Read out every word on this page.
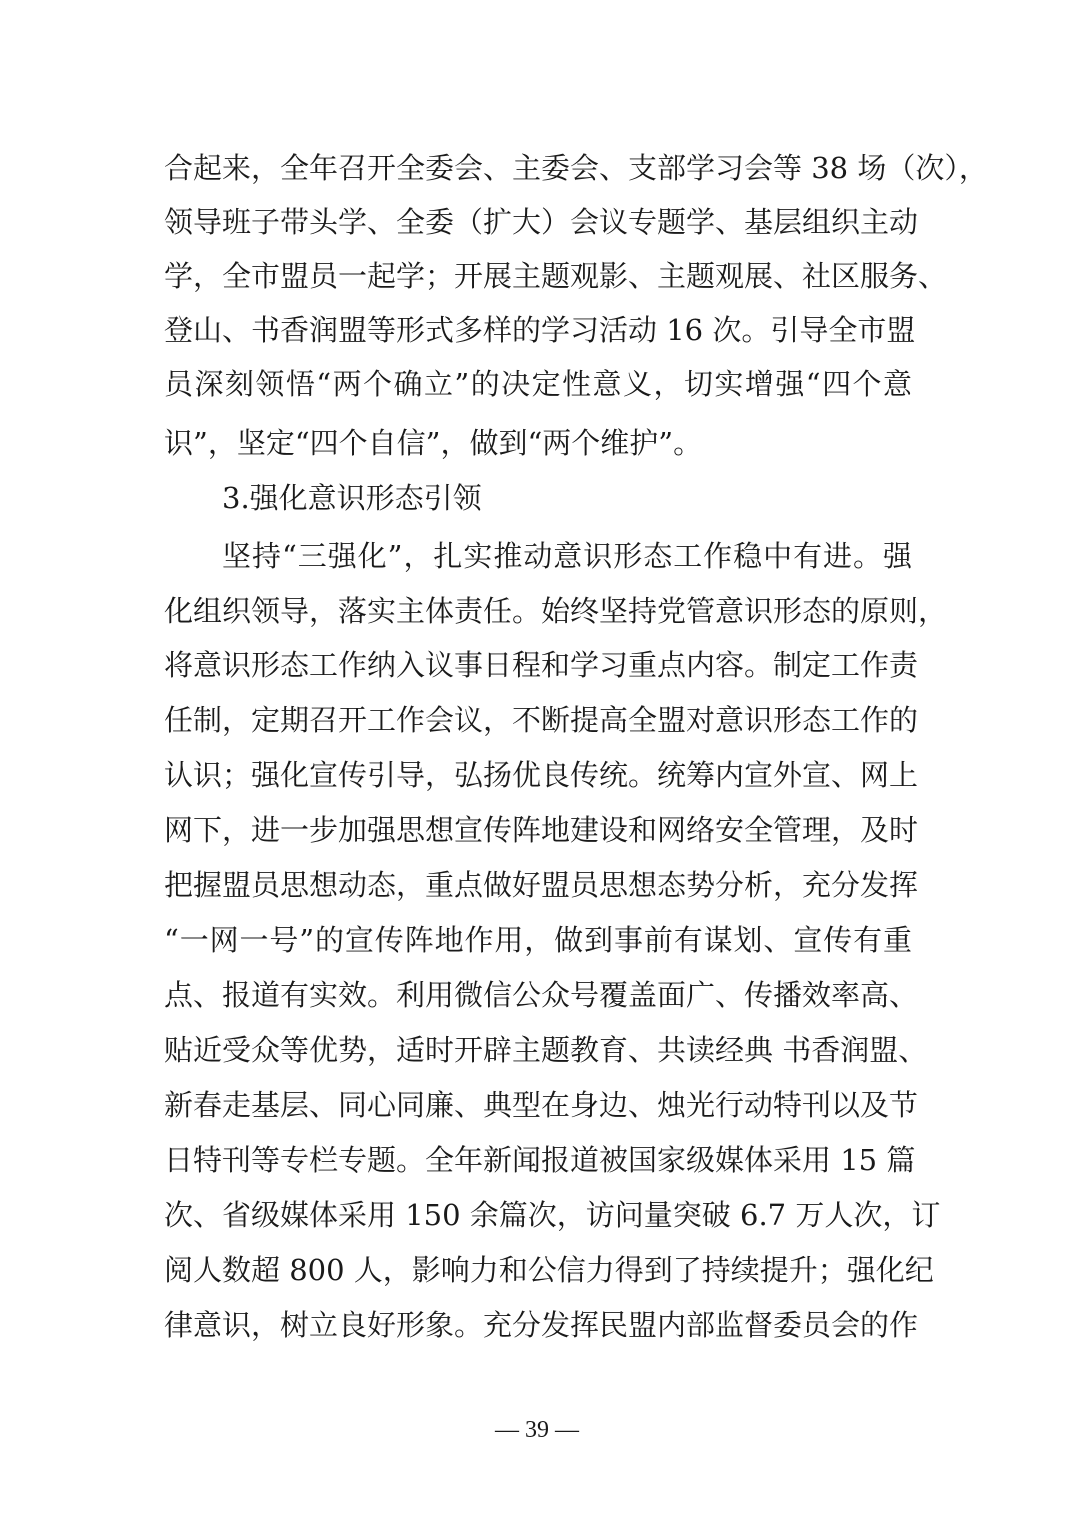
合起来，全年召开全委会、主委会、支部学习会等 38 场（次），
领导班子带头学、全委（扩大）会议专题学、基层组织主动
学，全市盟员一起学；开展主题观影、主题观展、社区服务、
登山、书香润盟等形式多样的学习活动 16 次。引导全市盟
员深刻领悟“两个确立”的决定性意义，切实增强“四个意
识”，坚定“四个自信”，做到“两个维护”。
3.强化意识形态引领
坚持“三强化”，扎实推动意识形态工作稳中有进。强
化组织领导，落实主体责任。始终坚持党管意识形态的原则，
将意识形态工作纳入议事日程和学习重点内容。制定工作责
任制，定期召开工作会议，不断提高全盟对意识形态工作的
认识；强化宣传引导，弘扬优良传统。统筹内宣外宣、网上
网下，进一步加强思想宣传阵地建设和网络安全管理，及时
把握盟员思想动态，重点做好盟员思想态势分析，充分发挥
“一网一号”的宣传阵地作用，做到事前有谋划、宣传有重
点、报道有实效。利用微信公众号覆盖面广、传播效率高、
贴近受众等优势，适时开辟主题教育、共读经典 书香润盟、
新春走基层、同心同廉、典型在身边、烛光行动特刊以及节
日特刊等专栏专题。全年新闻报道被国家级媒体采用 15 篇
次、省级媒体采用 150 余篇次，访问量突破 6.7 万人次，订
阅人数超 800 人，影响力和公信力得到了持续提升；强化纪
律意识，树立良好形象。充分发挥民盟内部监督委员会的作
— 39 —
